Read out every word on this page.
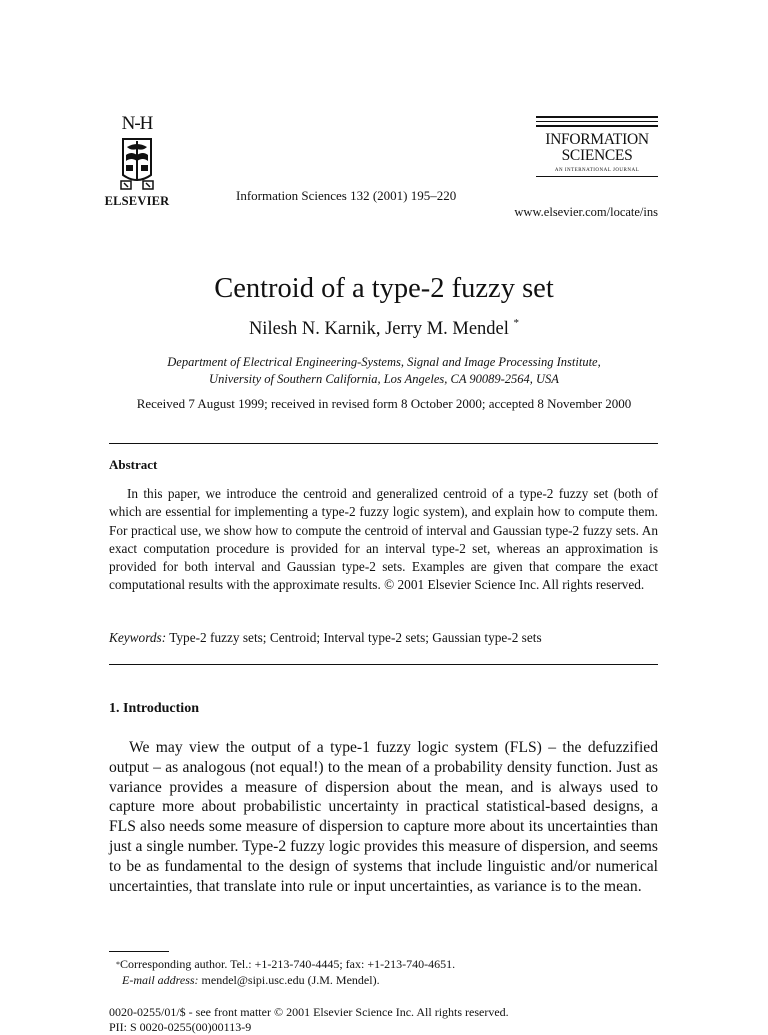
N-H
ELSEVIER	Information Sciences 132 (2001) 195–220
INFORMATION
SCIENCES
AN INTERNATIONAL JOURNAL
www.elsevier.com/locate/ins
Centroid of a type-2 fuzzy set
Nilesh N. Karnik, Jerry M. Mendel *
Department of Electrical Engineering-Systems, Signal and Image Processing Institute,
University of Southern California, Los Angeles, CA 90089-2564, USA
Received 7 August 1999; received in revised form 8 October 2000; accepted 8 November 2000
Abstract
In this paper, we introduce the centroid and generalized centroid of a type-2 fuzzy set (both of which are essential for implementing a type-2 fuzzy logic system), and explain how to compute them. For practical use, we show how to compute the centroid of interval and Gaussian type-2 fuzzy sets. An exact computation procedure is provided for an interval type-2 set, whereas an approximation is provided for both interval and Gaussian type-2 sets. Examples are given that compare the exact computational results with the approximate results. © 2001 Elsevier Science Inc. All rights reserved.
Keywords: Type-2 fuzzy sets; Centroid; Interval type-2 sets; Gaussian type-2 sets
1. Introduction
We may view the output of a type-1 fuzzy logic system (FLS) – the defuzzified output – as analogous (not equal!) to the mean of a probability density function. Just as variance provides a measure of dispersion about the mean, and is always used to capture more about probabilistic uncertainty in practical statistical-based designs, a FLS also needs some measure of dispersion to capture more about its uncertainties than just a single number. Type-2 fuzzy logic provides this measure of dispersion, and seems to be as fundamental to the design of systems that include linguistic and/or numerical uncertainties, that translate into rule or input uncertainties, as variance is to the mean.
*Corresponding author. Tel.: +1-213-740-4445; fax: +1-213-740-4651.
E-mail address: mendel@sipi.usc.edu (J.M. Mendel).
0020-0255/01/$ - see front matter © 2001 Elsevier Science Inc. All rights reserved.
PII: S 0020-0255(00)00113-9
